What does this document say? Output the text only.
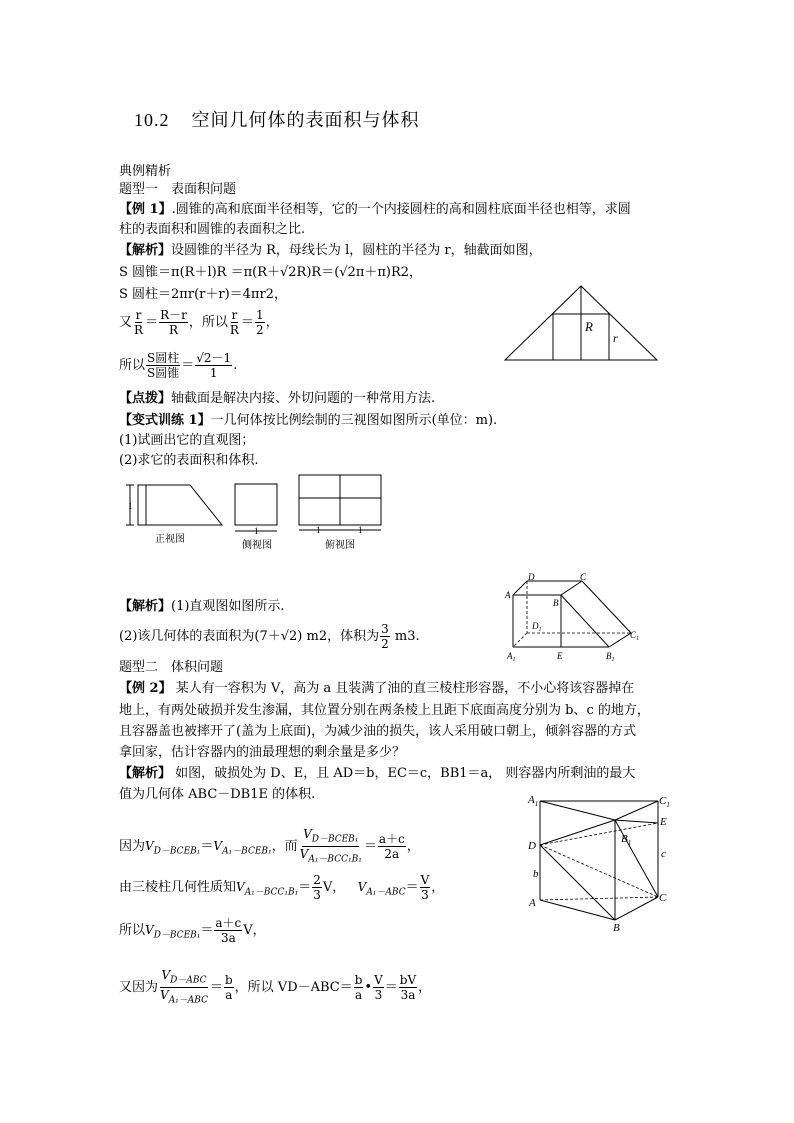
10.2 空间几何体的表面积与体积
典例精析
题型一　表面积问题
【例 1】.圆锥的高和底面半径相等，它的一个内接圆柱的高和圆柱底面半径也相等，求圆
柱的表面积和圆锥的表面积之比.
【解析】设圆锥的半径为 R，母线长为 l，圆柱的半径为 r，轴截面如图，
S 圆锥＝π(R＋l)R ＝π(R＋√2R)R＝(√2π＋π)R2，
S 圆柱＝2πr(r＋r)＝4πr2，
又 $\frac{r}{R} = \frac{R-r}{R}$ ，所以 $\frac{r}{R} = \frac{1}{2}$ ，
所以 $\frac{\text{S圆柱}}{\text{S圆锥}} = \frac{√2-1}{1}$ .
R
r
【点拨】轴截面是解决内接、外切问题的一种常用方法.
【变式训练 1】一几何体按比例绘制的三视图如图所示(单位：m).
(1)试画出它的直观图；
(2)求它的表面积和体积.
1
正视图
1
侧视图
1	1
俯视图
【解析】(1)直观图如图所示.
(2)该几何体的表面积为(7＋√2) m2，体积为 $\frac{3}{2} m3$.
D	C
A
B
$D_1$	$C_1$
$A_1$	E	$B_1$
题型二　体积问题
【例 2】 某人有一容积为 V，高为 a 且装满了油的直三棱柱形容器，不小心将该容器掉在
地上，有两处破损并发生渗漏，其位置分别在两条棱上且距下底面高度分别为 b、c 的地方，
且容器盖也被摔开了(盖为上底面)，为减少油的损失，该人采用破口朝上，倾斜容器的方式
拿回家，估计容器内的油最理想的剩余量是多少？
【解析】 如图，破损处为 D、E，且 AD＝b，EC＝c，BB1＝a， 则容器内所剩油的最大
值为几何体 ABC－DB1E 的体积.
因为$V_{D-BCEB_1}=V_{A_1-BCEB_1}$，而 $\frac{V_{D-BCEB_1}}{V_{A_1-BCC_1B_1}} = \frac{a+c}{2a}$ ，
由三棱柱几何性质知$V_{A_1-BCC_1B_1}= \frac{2}{3}$ V， $V_{A_1-ABC}= \frac{V}{3}$ ，
所以$V_{D-BCEB_1}= \frac{a+c}{3a}$ V，
又因为 $\frac{V_{D-ABC}}{V_{A_1-ABC}} = \frac{b}{a}$ ，所以 $VD-ABC= \frac{b}{a}$ • $\frac{V}{3} = \frac{bV}{3a}$ ，
$A_1$	$C_1$
E
$B_1$
D
c
b
A	C
B
